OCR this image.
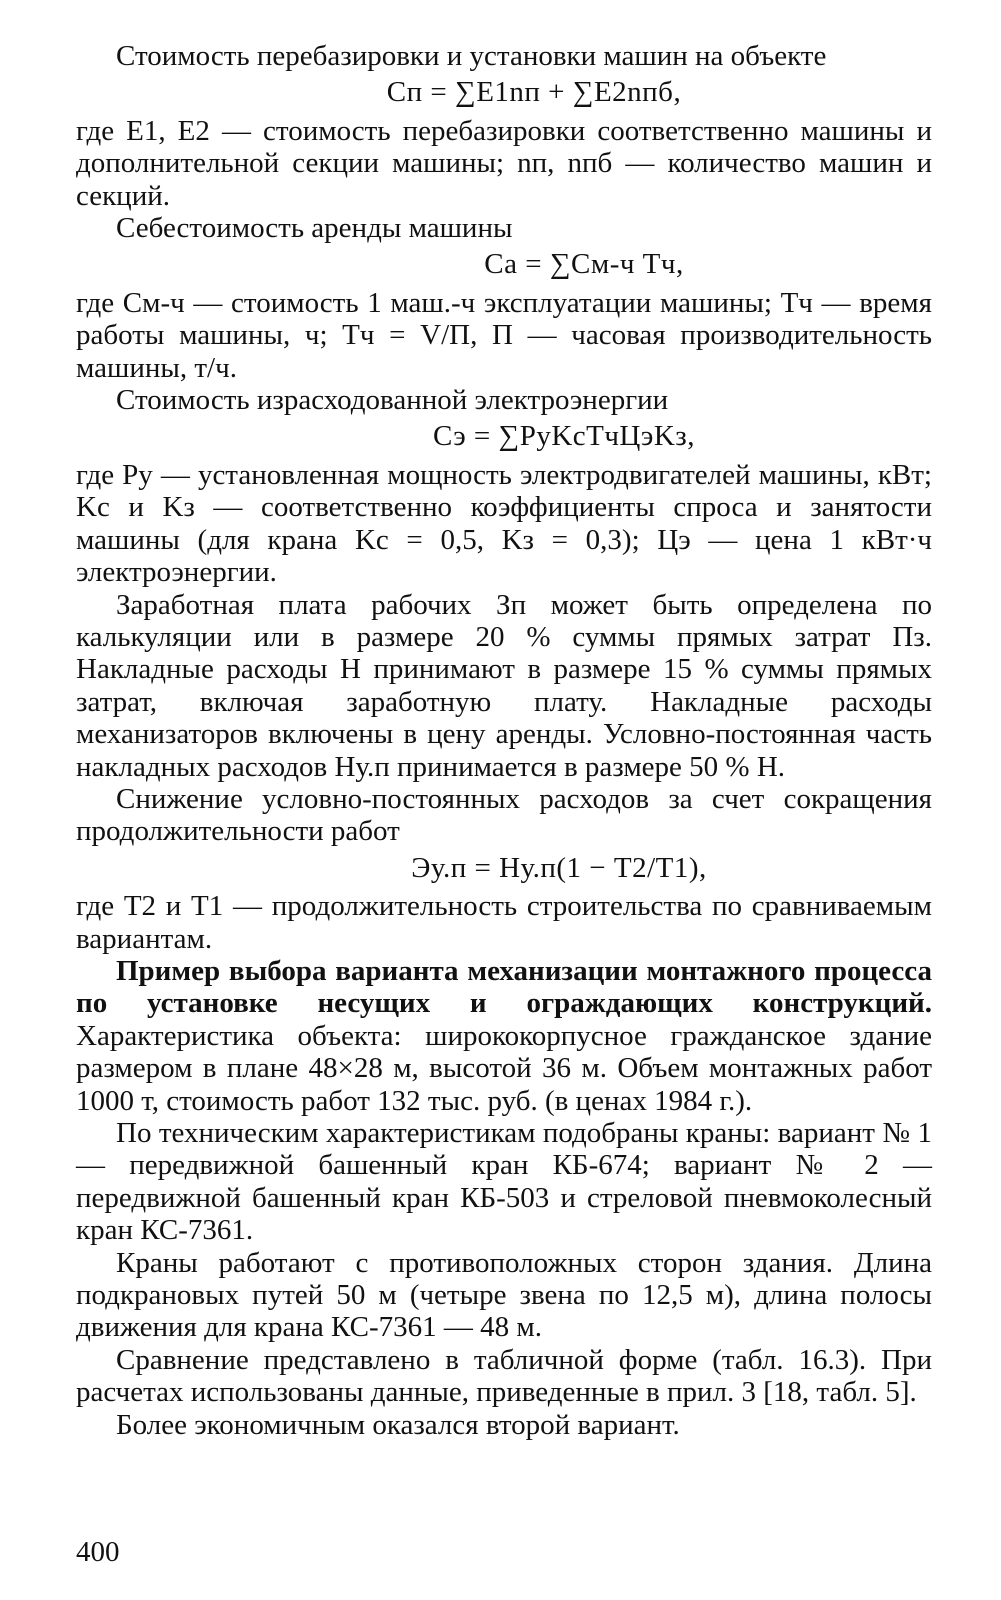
Стоимость перебазировки и установки машин на объекте

Сп = ∑E1nп + ∑E2nпб,

где E1, E2 — стоимость перебазировки соответственно машины и дополнительной секции машины; nп, nпб — количество машин и секций.

Себестоимость аренды машины

Са = ∑См-ч Тч,

где См-ч — стоимость 1 маш.-ч эксплуатации машины; Тч — время работы машины, ч; Тч = V/П, П — часовая производительность машины, т/ч.

Стоимость израсходованной электроэнергии

Сэ = ∑PуKсТчЦэKз,

где Pу — установленная мощность электродвигателей машины, кВт; Kс и Kз — соответственно коэффициенты спроса и занятости машины (для крана Kс = 0,5, Kз = 0,3); Цэ — цена 1 кВт·ч электроэнергии.

Заработная плата рабочих Зп может быть определена по калькуляции или в размере 20 % суммы прямых затрат Пз. Накладные расходы Н принимают в размере 15 % суммы прямых затрат, включая заработную плату. Накладные расходы механизаторов включены в цену аренды. Условно-постоянная часть накладных расходов Ну.п принимается в размере 50 % Н.

Снижение условно-постоянных расходов за счет сокращения продолжительности работ

Эу.п = Ну.п(1 − T2/T1),

где T2 и T1 — продолжительность строительства по сравниваемым вариантам.

Пример выбора варианта механизации монтажного процесса по установке несущих и ограждающих конструкций. Характеристика объекта: ширококорпусное гражданское здание размером в плане 48×28 м, высотой 36 м. Объем монтажных работ 1000 т, стоимость работ 132 тыс. руб. (в ценах 1984 г.).

По техническим характеристикам подобраны краны: вариант № 1 — передвижной башенный кран КБ-674; вариант № 2 — передвижной башенный кран КБ-503 и стреловой пневмоколесный кран КС-7361.

Краны работают с противоположных сторон здания. Длина подкрановых путей 50 м (четыре звена по 12,5 м), длина полосы движения для крана КС-7361 — 48 м.

Сравнение представлено в табличной форме (табл. 16.3). При расчетах использованы данные, приведенные в прил. 3 [18, табл. 5].

Более экономичным оказался второй вариант.

400
